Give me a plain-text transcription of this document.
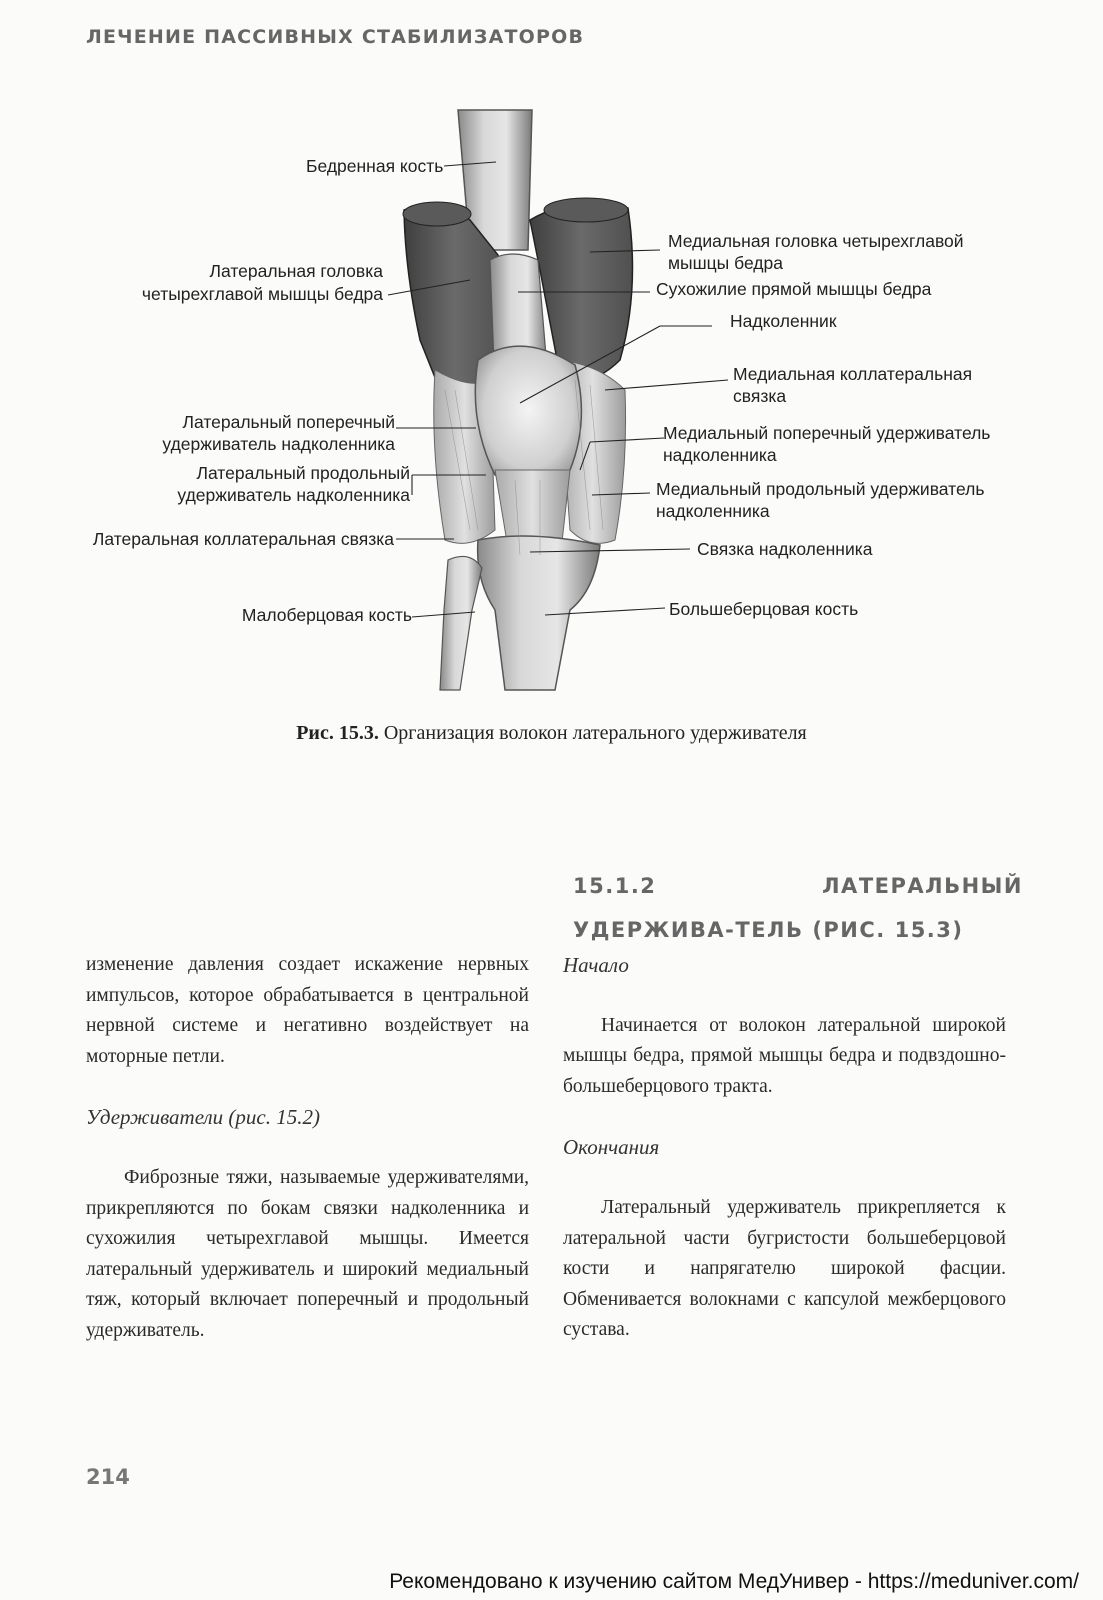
ЛЕЧЕНИЕ ПАССИВНЫХ СТАБИЛИЗАТОРОВ
Бедренная кость
Медиальная головка четырехглавой
мышцы бедра
Латеральная головка
четырехглавой мышцы бедра	Сухожилие прямой мышцы бедра
Надколенник
Медиальная коллатеральная
связка
Латеральный поперечный
удерживатель надколенника
Медиальный поперечный удерживатель
надколенника
Латеральный продольный
удерживатель надколенника	Медиальный продольный удерживатель
надколенника
Латеральная коллатеральная связка	Связка надколенника
Малоберцовая кость	Большеберцовая кость
Рис. 15.3. Организация волокон латерального удерживателя
15.1.2 ЛАТЕРАЛЬНЫЙ УДЕРЖИВА-ТЕЛЬ (РИС. 15.3)

изменение давления создает искажение нервных импульсов, которое обрабатывается в центральной нервной системе и негативно воздействует на моторные петли.

Удерживатели (рис. 15.2)

Фиброзные тяжи, называемые удерживателями, прикрепляются по бокам связки надколенника и сухожилия четырехглавой мышцы. Имеется латеральный удерживатель и широкий медиальный тяж, который включает поперечный и продольный удерживатель.

Начало

Начинается от волокон латеральной широкой мышцы бедра, прямой мышцы бедра и подвздошно-большеберцового тракта.

Окончания

Латеральный удерживатель прикрепляется к латеральной части бугристости большеберцовой кости и напрягателю широкой фасции. Обменивается волокнами с капсулой межберцового сустава.

214
Рекомендовано к изучению сайтом МедУнивер - https://meduniver.com/
